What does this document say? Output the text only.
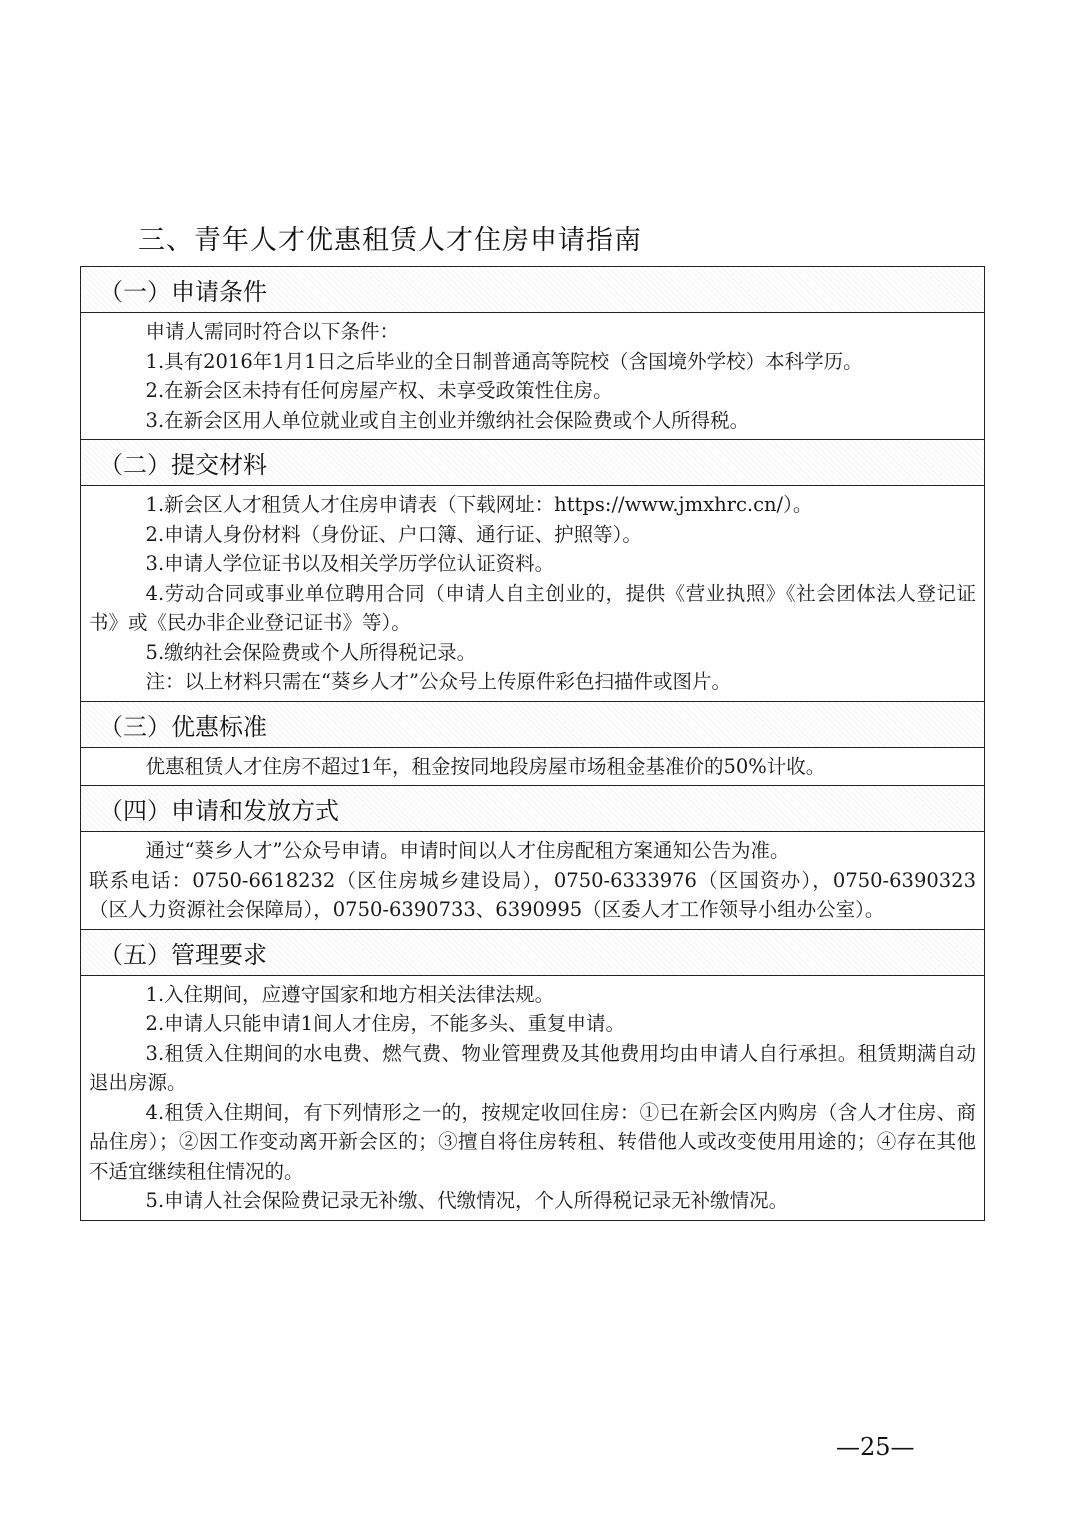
三、青年人才优惠租赁人才住房申请指南
（一）申请条件

申请人需同时符合以下条件：

1.具有2016年1月1日之后毕业的全日制普通高等院校（含国境外学校）本科学历。

2.在新会区未持有任何房屋产权、未享受政策性住房。

3.在新会区用人单位就业或自主创业并缴纳社会保险费或个人所得税。

（二）提交材料

1.新会区人才租赁人才住房申请表（下载网址：https://www.jmxhrc.cn/）。

2.申请人身份材料（身份证、户口簿、通行证、护照等）。

3.申请人学位证书以及相关学历学位认证资料。

4.劳动合同或事业单位聘用合同（申请人自主创业的，提供《营业执照》《社会团体法人登记证书》或《民办非企业登记证书》等）。

5.缴纳社会保险费或个人所得税记录。

注：以上材料只需在“葵乡人才”公众号上传原件彩色扫描件或图片。

（三）优惠标准

优惠租赁人才住房不超过1年，租金按同地段房屋市场租金基准价的50%计收。

（四）申请和发放方式

通过“葵乡人才”公众号申请。申请时间以人才住房配租方案通知公告为准。

联系电话：0750-6618232（区住房城乡建设局），0750-6333976（区国资办），0750-6390323（区人力资源社会保障局），0750-6390733、6390995（区委人才工作领导小组办公室）。

（五）管理要求

1.入住期间，应遵守国家和地方相关法律法规。

2.申请人只能申请1间人才住房，不能多头、重复申请。

3.租赁入住期间的水电费、燃气费、物业管理费及其他费用均由申请人自行承担。租赁期满自动退出房源。

4.租赁入住期间，有下列情形之一的，按规定收回住房：①已在新会区内购房（含人才住房、商品住房）；②因工作变动离开新会区的；③擅自将住房转租、转借他人或改变使用用途的；④存在其他不适宜继续租住情况的。

5.申请人社会保险费记录无补缴、代缴情况，个人所得税记录无补缴情况。

—25—
